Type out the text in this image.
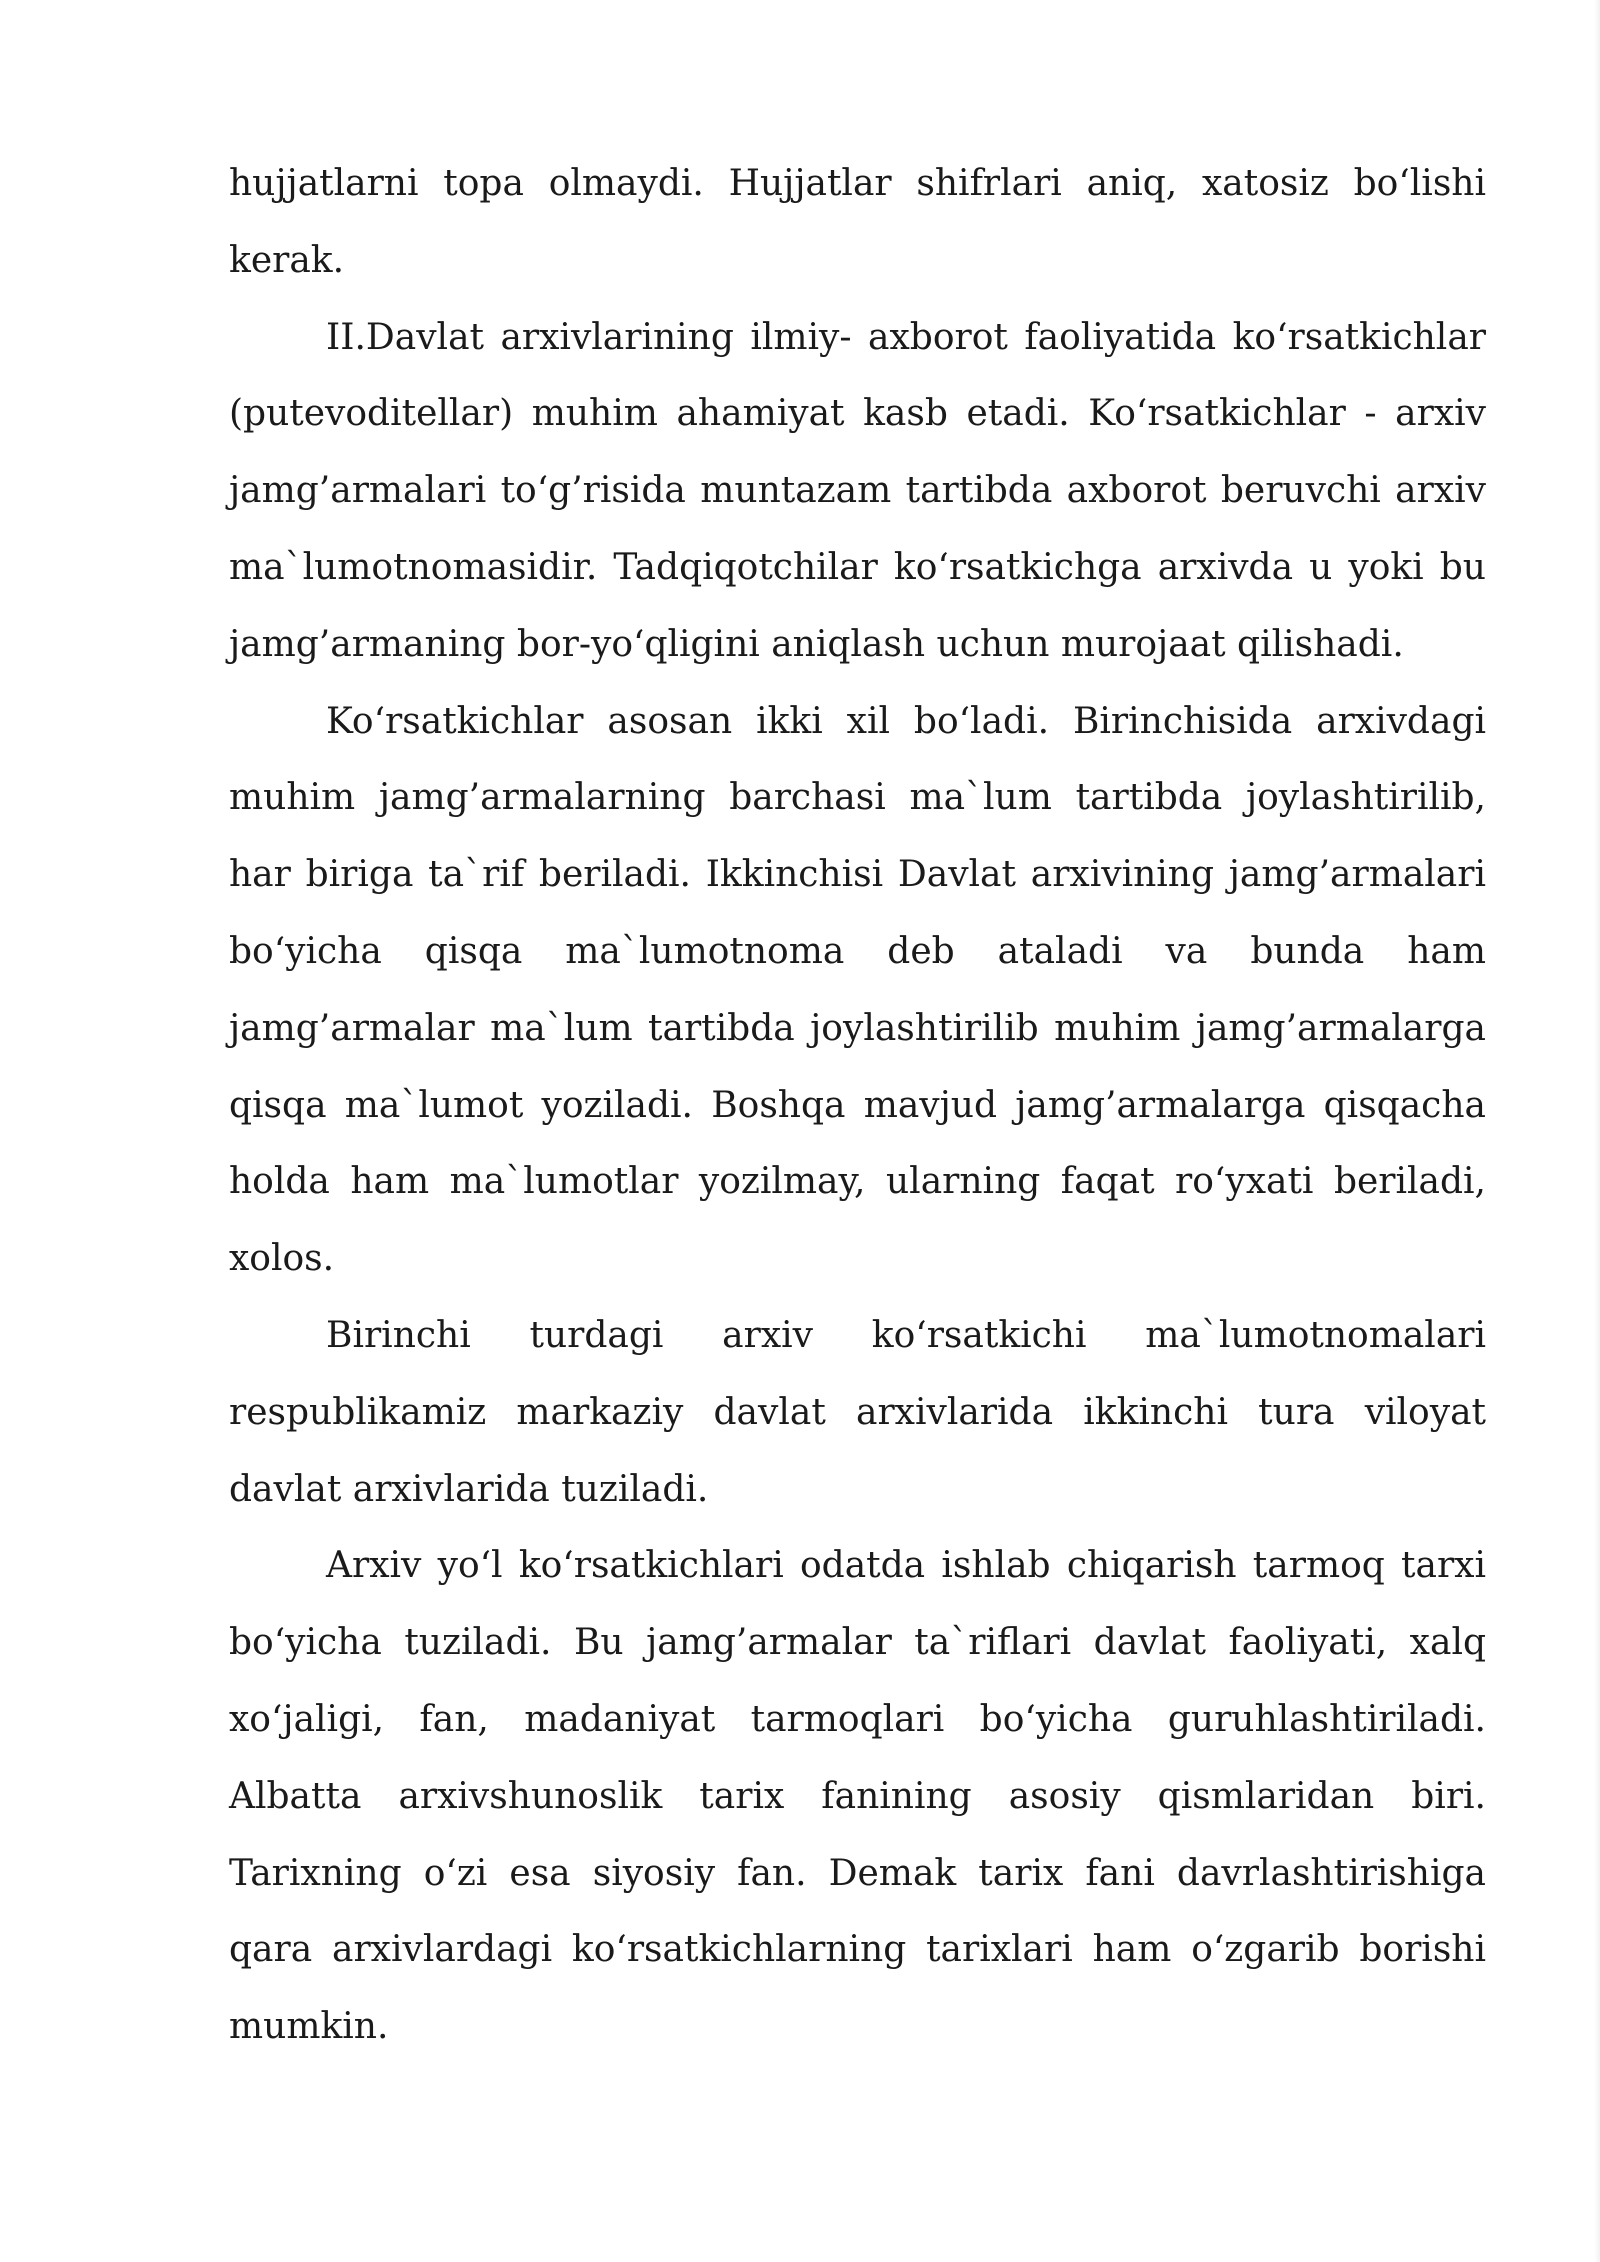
hujjatlarni topa olmaydi. Hujjatlar shifrlari aniq, xatosiz bo‘lishi kerak.

II.Davlat arxivlarining ilmiy- axborot faoliyatida ko‘rsatkichlar (putevoditellar) muhim ahamiyat kasb etadi. Ko‘rsatkichlar - arxiv jamg’armalari to‘g’risida muntazam tartibda axborot beruvchi arxiv ma`lumotnomasidir. Tadqiqotchilar ko‘rsatkichga arxivda u yoki bu jamg’armaning bor-yo‘qligini aniqlash uchun murojaat qilishadi.

Ko‘rsatkichlar asosan ikki xil bo‘ladi. Birinchisida arxivdagi muhim jamg’armalarning barchasi ma`lum tartibda joylashtirilib, har biriga ta`rif beriladi. Ikkinchisi Davlat arxivining jamg’armalari bo‘yicha qisqa ma`lumotnoma deb ataladi va bunda ham jamg’armalar ma`lum tartibda joylashtirilib muhim jamg’armalarga qisqa ma`lumot yoziladi. Boshqa mavjud jamg’armalarga qisqacha holda ham ma`lumotlar yozilmay, ularning faqat ro‘yxati beriladi, xolos.

Birinchi turdagi arxiv ko‘rsatkichi ma`lumotnomalari respublikamiz markaziy davlat arxivlarida ikkinchi tura viloyat davlat arxivlarida tuziladi.

Arxiv yo‘l ko‘rsatkichlari odatda ishlab chiqarish tarmoq tarxi bo‘yicha tuziladi. Bu jamg’armalar ta`riflari davlat faoliyati, xalq xo‘jaligi, fan, madaniyat tarmoqlari bo‘yicha guruhlashtiriladi. Albatta arxivshunoslik tarix fanining asosiy qismlaridan biri. Tarixning o‘zi esa siyosiy fan. Demak tarix fani davrlashtirishiga qara arxivlardagi ko‘rsatkichlarning tarixlari ham o‘zgarib borishi mumkin.
